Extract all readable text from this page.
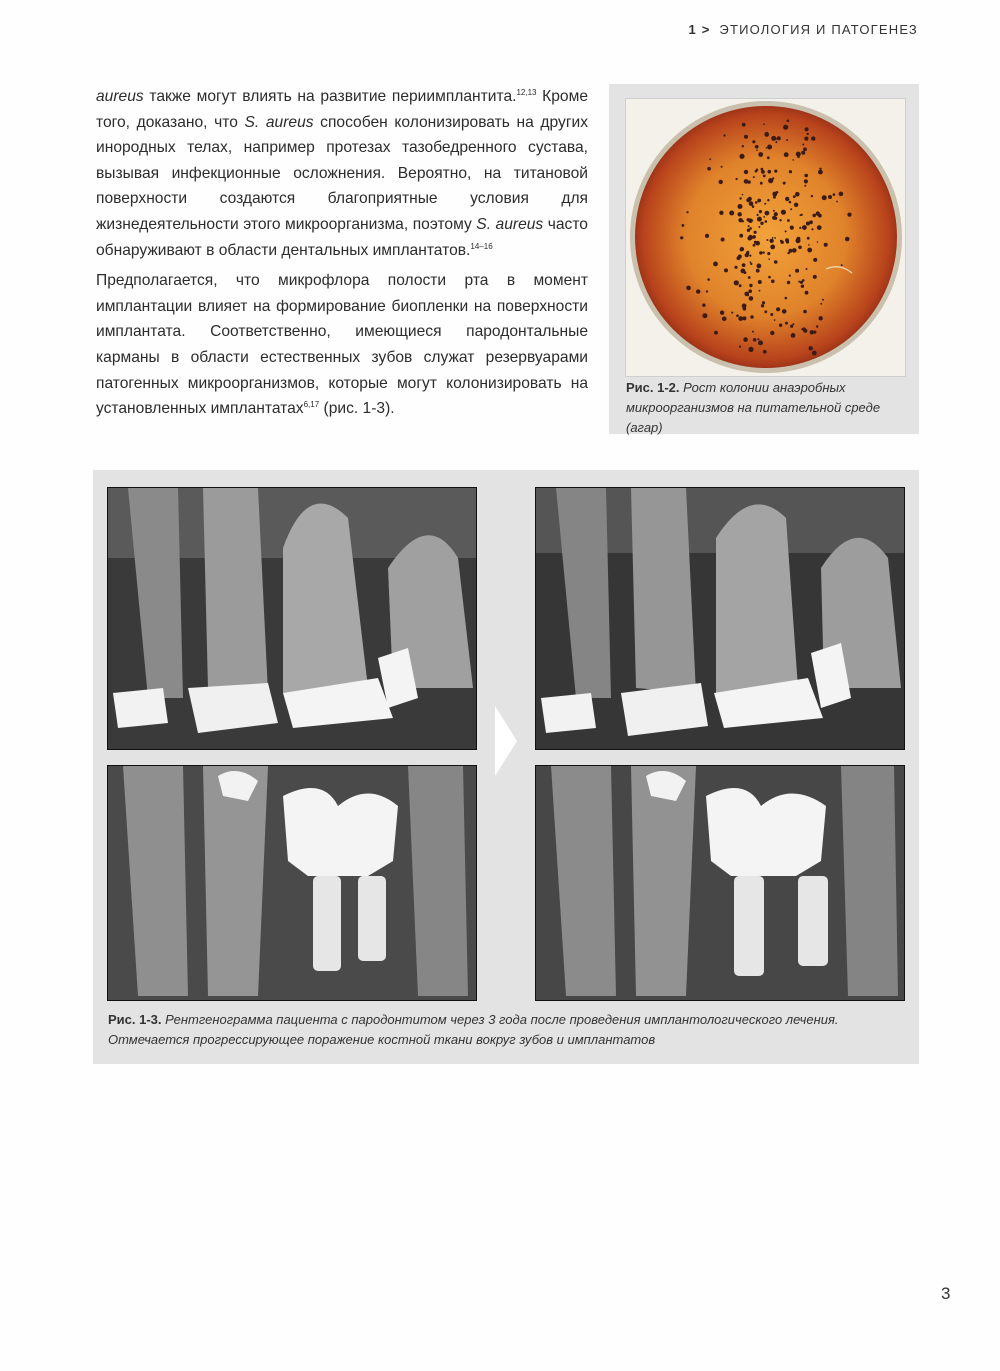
1 > ЭТИОЛОГИЯ И ПАТОГЕНЕЗ

aureus также могут влиять на развитие периимплантита.$^{12,13}$ Кроме того, доказано, что S. aureus способен колонизировать на других инородных телах, например протезах тазобедренного сустава, вызывая инфекционные осложнения. Вероятно, на титановой поверхности создаются благоприятные условия для жизнедеятельности этого микроорганизма, поэтому S. aureus часто обнаруживают в области дентальных имплантатов.$^{14-16}$

Предполагается, что микрофлора полости рта в момент имплантации влияет на формирование биопленки на поверхности имплантата. Соответственно, имеющиеся пародонтальные карманы в области естественных зубов служат резервуарами патогенных микроорганизмов, которые могут колонизировать на установленных имплантатах$^{6,17}$ (рис. 1-3).

Рис. 1-2. Рост колонии анаэробных микроорганизмов на питательной среде (агар)
Рис. 1-3. Рентгенограмма пациента с пародонтитом через 3 года после проведения имплантологического лечения. Отмечается прогрессирующее поражение костной ткани вокруг зубов и имплантатов
3
